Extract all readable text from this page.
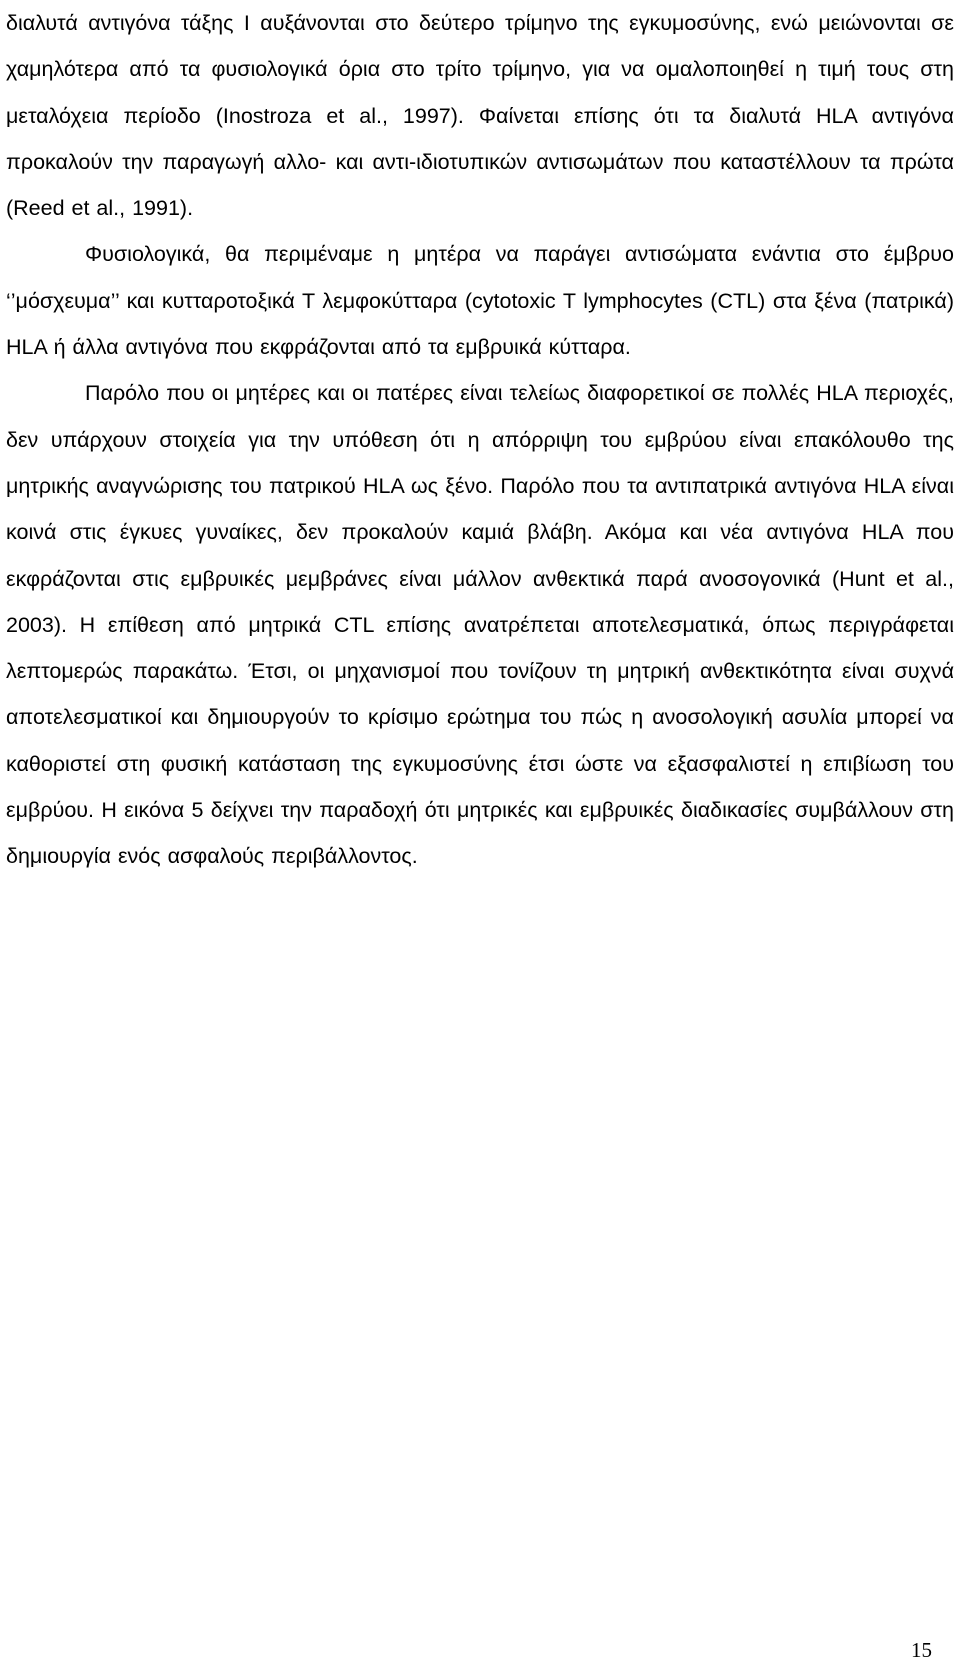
διαλυτά αντιγόνα τάξης Ι αυξάνονται στο δεύτερο τρίμηνο της εγκυμοσύνης, ενώ μειώνονται σε χαμηλότερα από τα φυσιολογικά όρια στο τρίτο τρίμηνο, για να ομαλοποιηθεί η τιμή τους στη μεταλόχεια περίοδο (Inostroza et al., 1997). Φαίνεται επίσης ότι τα διαλυτά HLA αντιγόνα προκαλούν την παραγωγή αλλο- και αντι-ιδιοτυπικών αντισωμάτων που καταστέλλουν τα πρώτα (Reed et al., 1991).

Φυσιολογικά, θα περιμέναμε η μητέρα να παράγει αντισώματα ενάντια στο έμβρυο ‘’μόσχευμα’’ και κυτταροτοξικά Τ λεμφοκύτταρα (cytotoxic T lymphocytes (CTL) στα ξένα (πατρικά) HLA ή άλλα αντιγόνα που εκφράζονται από τα εμβρυικά κύτταρα.

Παρόλο που οι μητέρες και οι πατέρες είναι τελείως διαφορετικοί σε πολλές HLA περιοχές, δεν υπάρχουν στοιχεία για την υπόθεση ότι η απόρριψη του εμβρύου είναι επακόλουθο της μητρικής αναγνώρισης του πατρικού HLA ως ξένο. Παρόλο που τα αντιπατρικά αντιγόνα HLA είναι κοινά στις έγκυες γυναίκες, δεν προκαλούν καμιά βλάβη. Ακόμα και νέα αντιγόνα HLA που εκφράζονται στις εμβρυικές μεμβράνες είναι μάλλον ανθεκτικά παρά ανοσογονικά (Hunt et al., 2003). Η επίθεση από μητρικά CTL επίσης ανατρέπεται αποτελεσματικά, όπως περιγράφεται λεπτομερώς παρακάτω. Έτσι, οι μηχανισμοί που τονίζουν τη μητρική ανθεκτικότητα είναι συχνά αποτελεσματικοί και δημιουργούν το κρίσιμο ερώτημα του πώς η ανοσολογική ασυλία μπορεί να καθοριστεί στη φυσική κατάσταση της εγκυμοσύνης έτσι ώστε να εξασφαλιστεί η επιβίωση του εμβρύου. Η εικόνα 5 δείχνει την παραδοχή ότι μητρικές και εμβρυικές διαδικασίες συμβάλλουν στη δημιουργία ενός ασφαλούς περιβάλλοντος.

15
